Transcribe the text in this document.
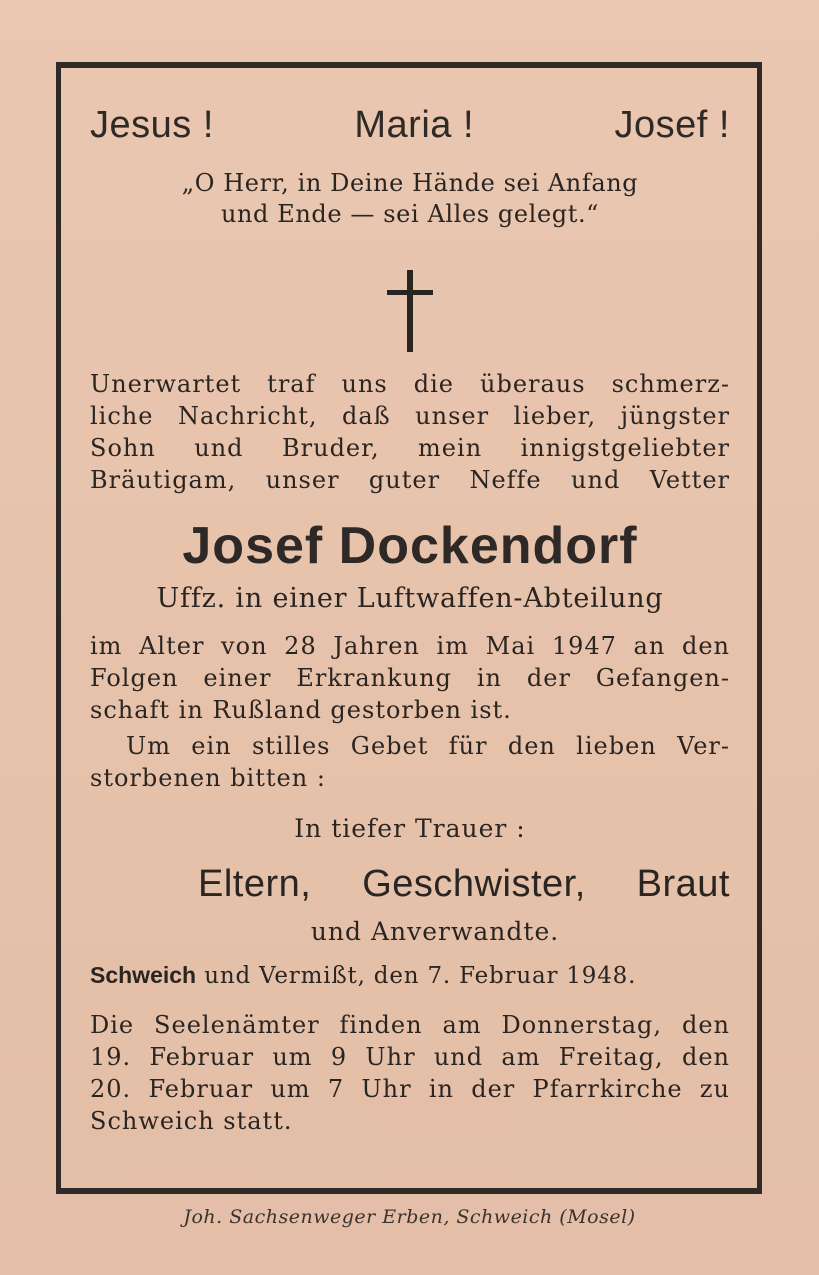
Jesus !	Maria !	Josef !
„O Herr, in Deine Hände sei Anfang
und Ende — sei Alles gelegt.“
Unerwartet traf uns die überaus schmerz-
liche Nachricht, daß unser lieber, jüngster
Sohn und Bruder, mein innigstgeliebter
Bräutigam, unser guter Neffe und Vetter
Josef Dockendorf
Uffz. in einer Luftwaffen-Abteilung
im Alter von 28 Jahren im Mai 1947 an den
Folgen einer Erkrankung in der Gefangen-
schaft in Rußland gestorben ist.
Um ein stilles Gebet für den lieben Ver-
storbenen bitten :
In tiefer Trauer :
Eltern, Geschwister, Braut
und Anverwandte.
Schweich und Vermißt, den 7. Februar 1948.
Die Seelenämter finden am Donnerstag, den
19. Februar um 9 Uhr und am Freitag, den
20. Februar um 7 Uhr in der Pfarrkirche zu
Schweich statt.
Joh. Sachsenweger Erben, Schweich (Mosel)
